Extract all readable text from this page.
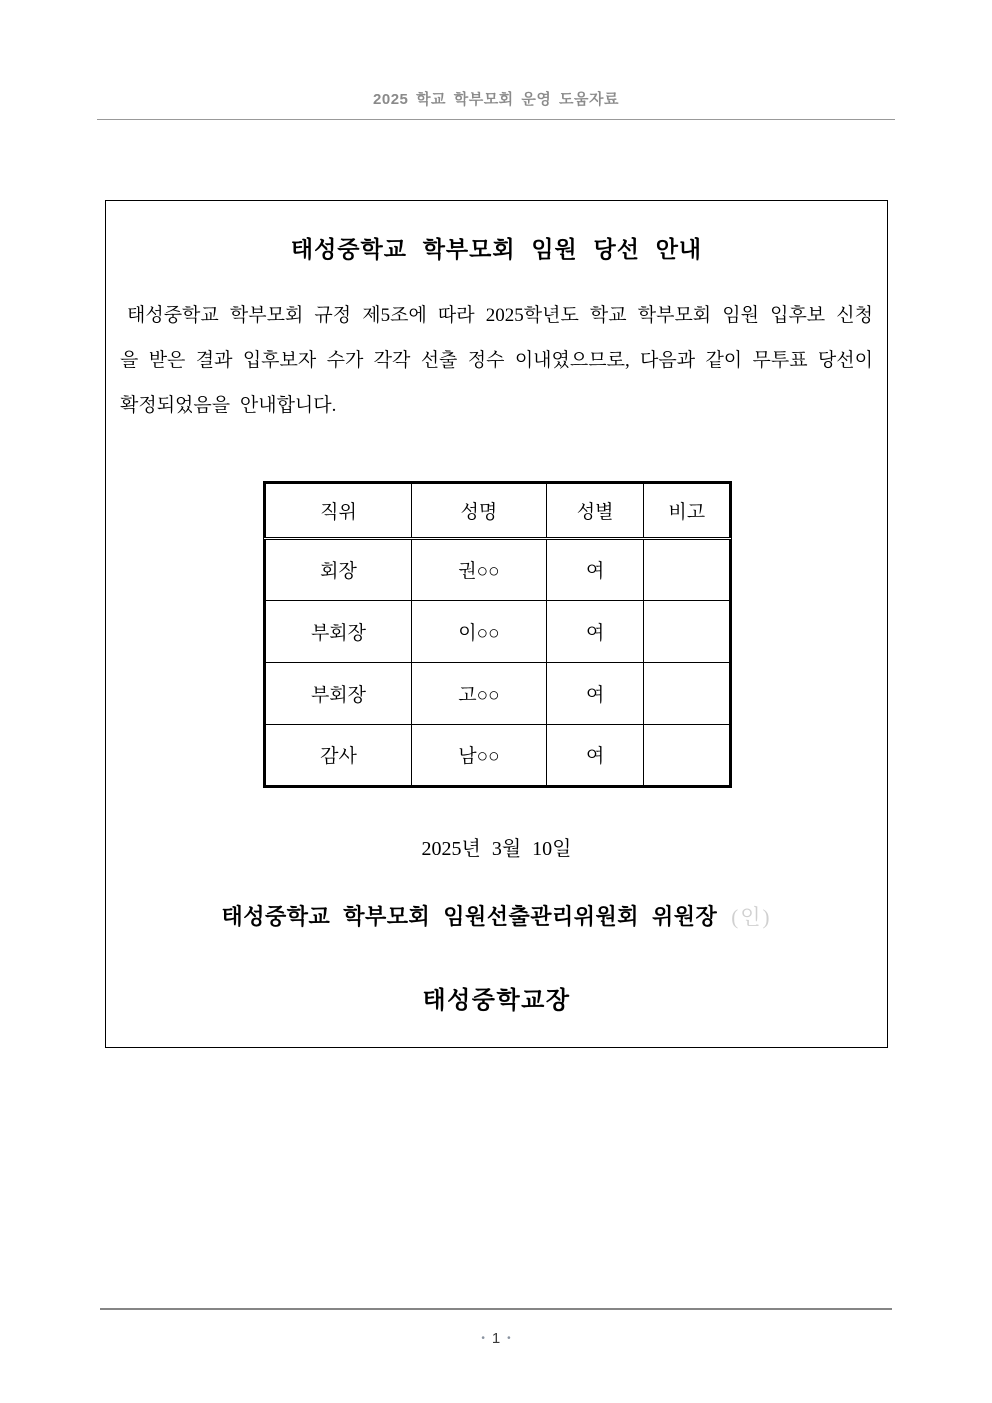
2025 학교 학부모회 운영 도움자료
태성중학교 학부모회 임원 당선 안내
태성중학교 학부모회 규정 제5조에 따라 2025학년도 학교 학부모회 임원 입후보 신청을 받은 결과 입후보자 수가 각각 선출 정수 이내였으므로, 다음과 같이 무투표 당선이 확정되었음을 안내합니다.
직위	성명	성별	비고
회장	권○○	여	
부회장	이○○	여	
부회장	고○○	여	
감사	남○○	여	
2025년 3월 10일
태성중학교 학부모회 임원선출관리위원회 위원장 (인)
태성중학교장
• 1 •
